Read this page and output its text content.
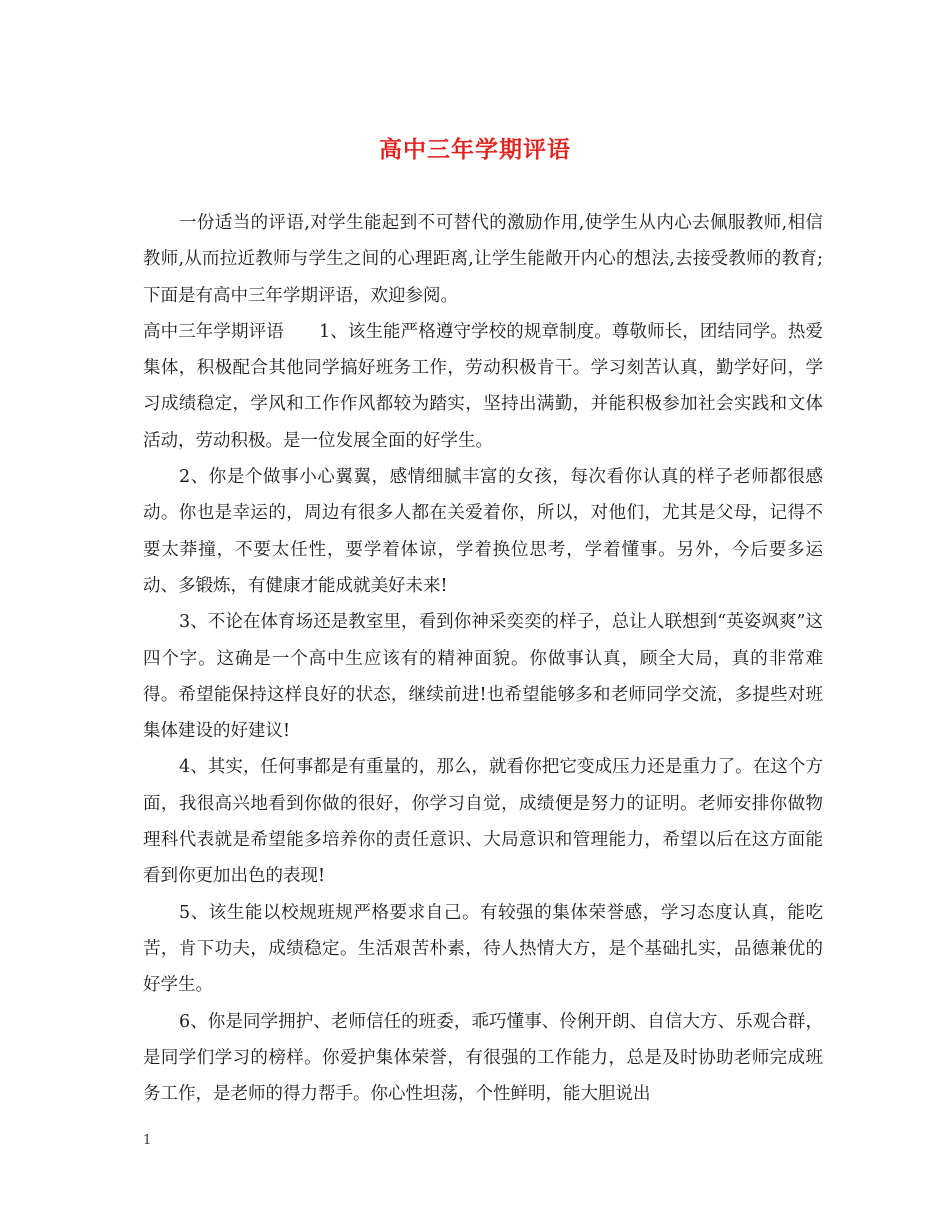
高中三年学期评语

一份适当的评语,对学生能起到不可替代的激励作用,使学生从内心去佩服教师,相信教师,从而拉近教师与学生之间的心理距离,让学生能敞开内心的想法,去接受教师的教育;下面是有高中三年学期评语，欢迎参阅。

高中三年学期评语　　1、该生能严格遵守学校的规章制度。尊敬师长，团结同学。热爱集体，积极配合其他同学搞好班务工作，劳动积极肯干。学习刻苦认真，勤学好问，学习成绩稳定，学风和工作作风都较为踏实，坚持出满勤，并能积极参加社会实践和文体活动，劳动积极。是一位发展全面的好学生。

2、你是个做事小心翼翼，感情细腻丰富的女孩，每次看你认真的样子老师都很感动。你也是幸运的，周边有很多人都在关爱着你，所以，对他们，尤其是父母，记得不要太莽撞，不要太任性，要学着体谅，学着换位思考，学着懂事。另外，今后要多运动、多锻炼，有健康才能成就美好未来!

3、不论在体育场还是教室里，看到你神采奕奕的样子，总让人联想到“英姿飒爽”这四个字。这确是一个高中生应该有的精神面貌。你做事认真，顾全大局，真的非常难得。希望能保持这样良好的状态，继续前进!也希望能够多和老师同学交流，多提些对班集体建设的好建议!

4、其实，任何事都是有重量的，那么，就看你把它变成压力还是重力了。在这个方面，我很高兴地看到你做的很好，你学习自觉，成绩便是努力的证明。老师安排你做物理科代表就是希望能多培养你的责任意识、大局意识和管理能力，希望以后在这方面能看到你更加出色的表现!

5、该生能以校规班规严格要求自己。有较强的集体荣誉感，学习态度认真，能吃苦，肯下功夫，成绩稳定。生活艰苦朴素，待人热情大方，是个基础扎实，品德兼优的好学生。

6、你是同学拥护、老师信任的班委，乖巧懂事、伶俐开朗、自信大方、乐观合群，是同学们学习的榜样。你爱护集体荣誉，有很强的工作能力，总是及时协助老师完成班务工作，是老师的得力帮手。你心性坦荡，个性鲜明，能大胆说出

1
